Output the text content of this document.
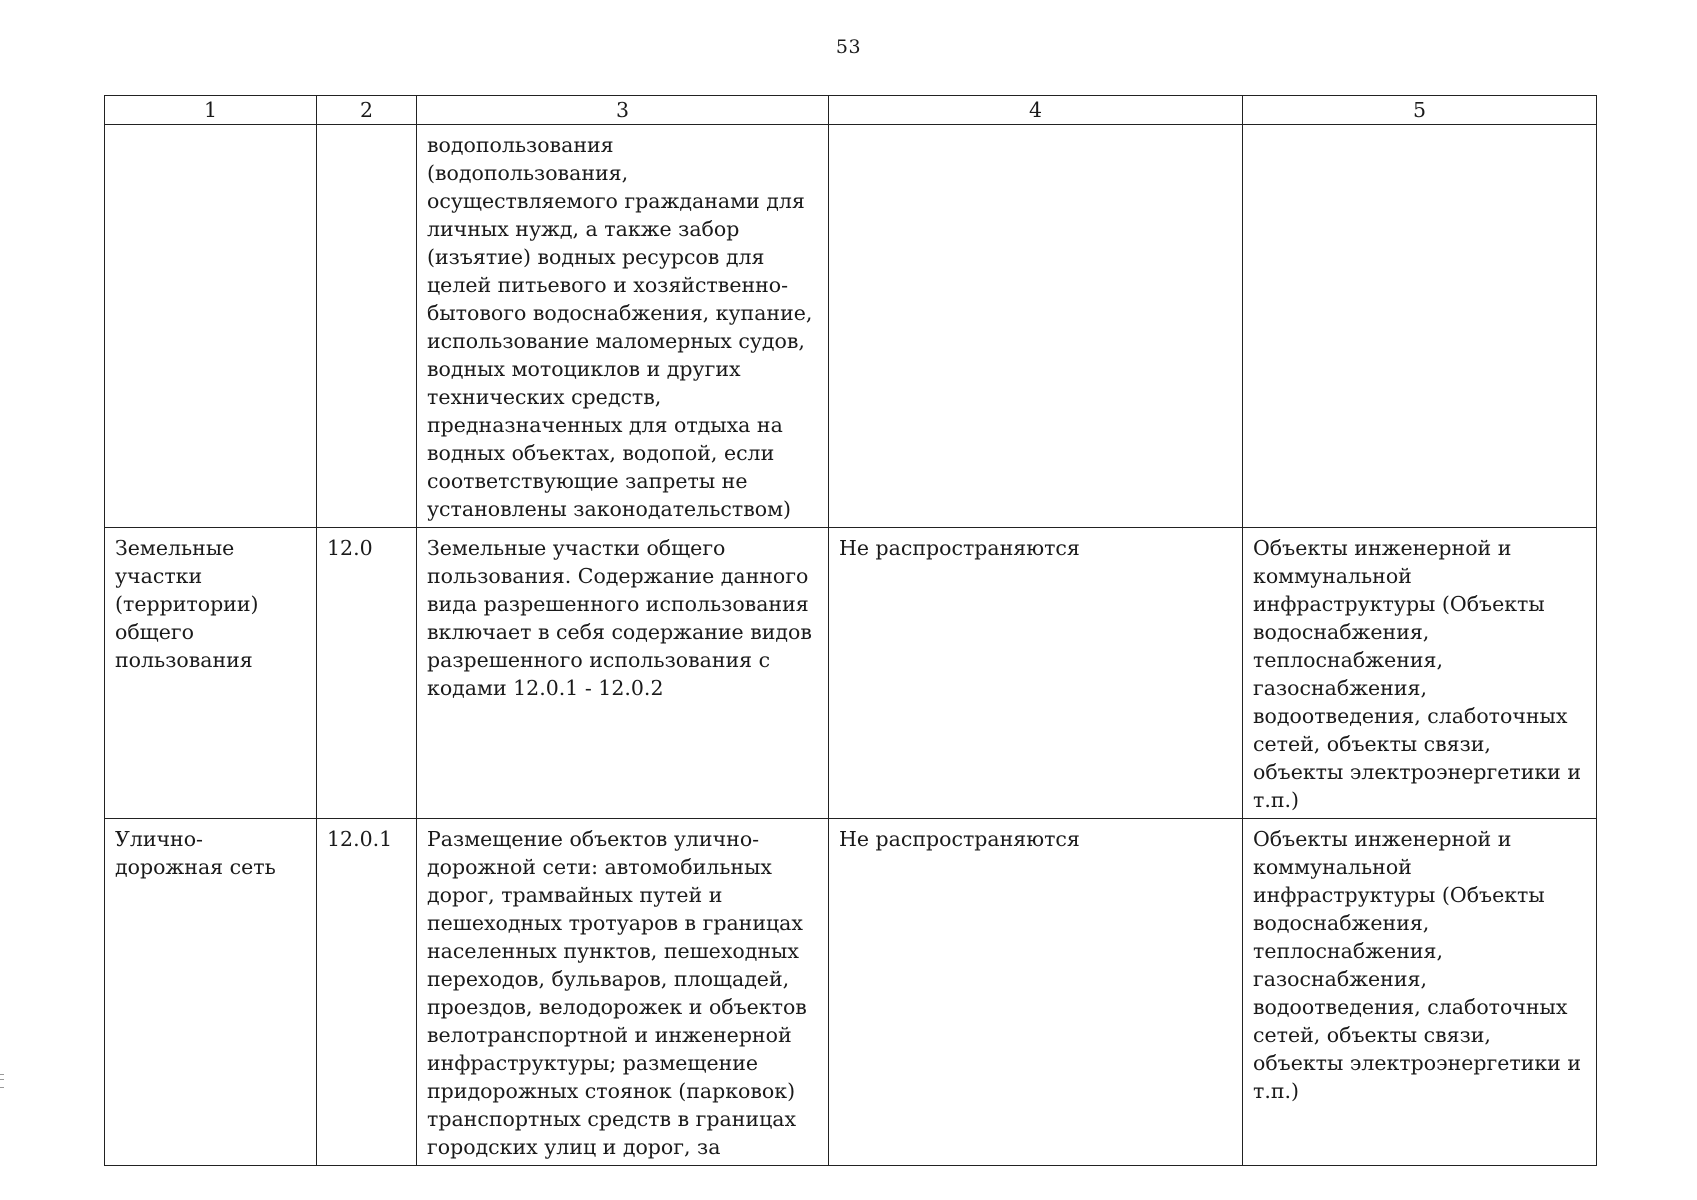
53
1	2	3	4	5
		водопользования (водопользования, осуществляемого гражданами для личных нужд, а также забор (изъятие) водных ресурсов для целей питьевого и хозяйственно-бытового водоснабжения, купание, использование маломерных судов, водных мотоциклов и других технических средств, предназначенных для отдыха на водных объектах, водопой, если соответствующие запреты не установлены законодательством)		
Земельные участки (территории) общего пользования	12.0	Земельные участки общего пользования. Содержание данного вида разрешенного использования включает в себя содержание видов разрешенного использования с кодами 12.0.1 - 12.0.2	Не распространяются	Объекты инженерной и коммунальной инфраструктуры (Объекты водоснабжения, теплоснабжения, газоснабжения, водоотведения, слаботочных сетей, объекты связи, объекты электроэнергетики и т.п.)
Улично-дорожная сеть	12.0.1	Размещение объектов улично-дорожной сети: автомобильных дорог, трамвайных путей и пешеходных тротуаров в границах населенных пунктов, пешеходных переходов, бульваров, площадей, проездов, велодорожек и объектов велотранспортной и инженерной инфраструктуры; размещение придорожных стоянок (парковок) транспортных средств в границах городских улиц и дорог, за	Не распространяются	Объекты инженерной и коммунальной инфраструктуры (Объекты водоснабжения, теплоснабжения, газоснабжения, водоотведения, слаботочных сетей, объекты связи, объекты электроэнергетики и т.п.)
